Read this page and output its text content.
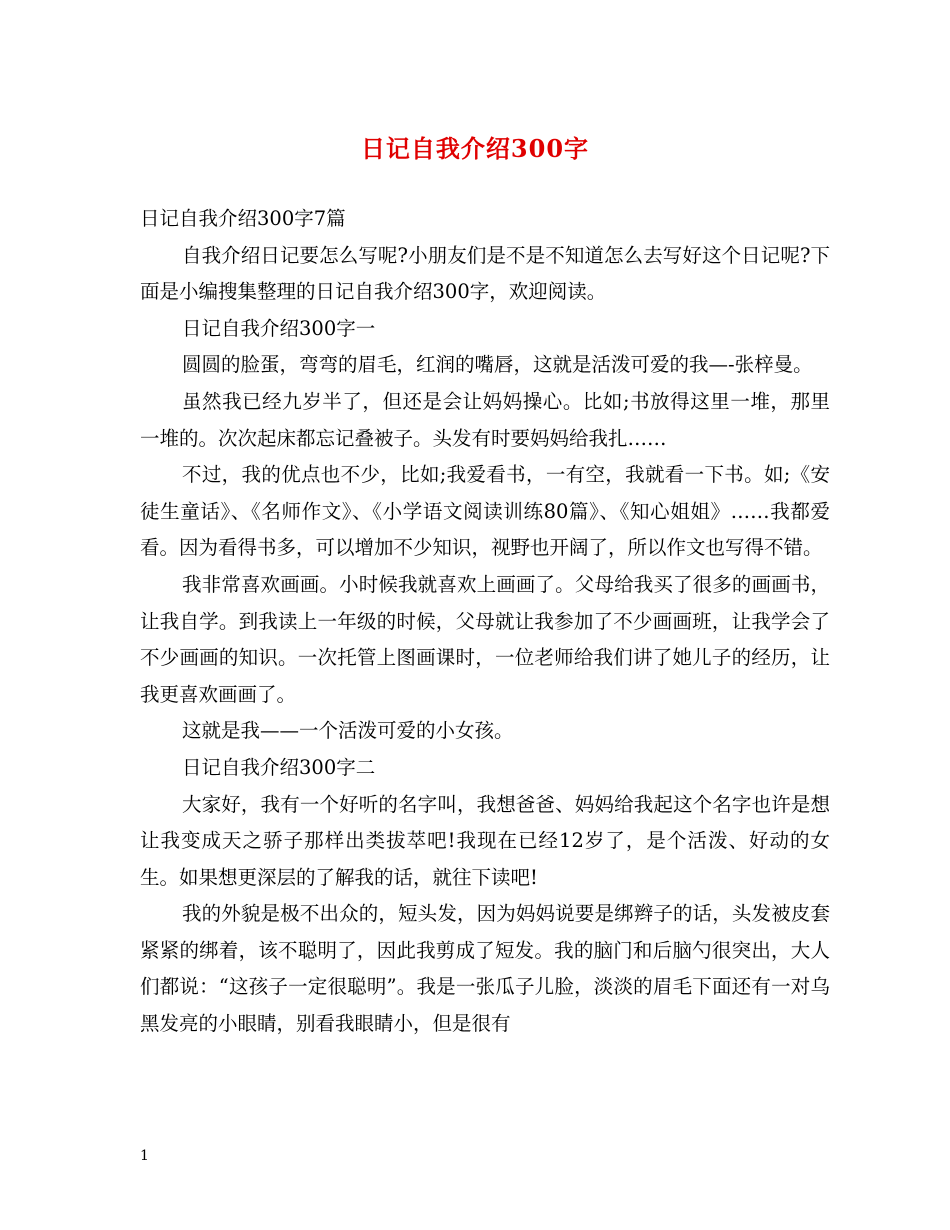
日记自我介绍300字

日记自我介绍300字7篇

自我介绍日记要怎么写呢?小朋友们是不是不知道怎么去写好这个日记呢?下面是小编搜集整理的日记自我介绍300字，欢迎阅读。

日记自我介绍300字一

圆圆的脸蛋，弯弯的眉毛，红润的嘴唇，这就是活泼可爱的我—-张梓曼。

虽然我已经九岁半了，但还是会让妈妈操心。比如;书放得这里一堆，那里一堆的。次次起床都忘记叠被子。头发有时要妈妈给我扎……

不过，我的优点也不少，比如;我爱看书，一有空，我就看一下书。如;《安徒生童话》、《名师作文》、《小学语文阅读训练80篇》、《知心姐姐》……我都爱看。因为看得书多，可以增加不少知识，视野也开阔了，所以作文也写得不错。

我非常喜欢画画。小时候我就喜欢上画画了。父母给我买了很多的画画书，让我自学。到我读上一年级的时候，父母就让我参加了不少画画班，让我学会了不少画画的知识。一次托管上图画课时，一位老师给我们讲了她儿子的经历，让我更喜欢画画了。

这就是我——一个活泼可爱的小女孩。

日记自我介绍300字二

大家好，我有一个好听的名字叫，我想爸爸、妈妈给我起这个名字也许是想让我变成天之骄子那样出类拔萃吧!我现在已经12岁了，是个活泼、好动的女生。如果想更深层的了解我的话，就往下读吧!

我的外貌是极不出众的，短头发，因为妈妈说要是绑辫子的话，头发被皮套紧紧的绑着，该不聪明了，因此我剪成了短发。我的脑门和后脑勺很突出，大人们都说：“这孩子一定很聪明”。我是一张瓜子儿脸，淡淡的眉毛下面还有一对乌黑发亮的小眼睛，别看我眼睛小，但是很有

1
